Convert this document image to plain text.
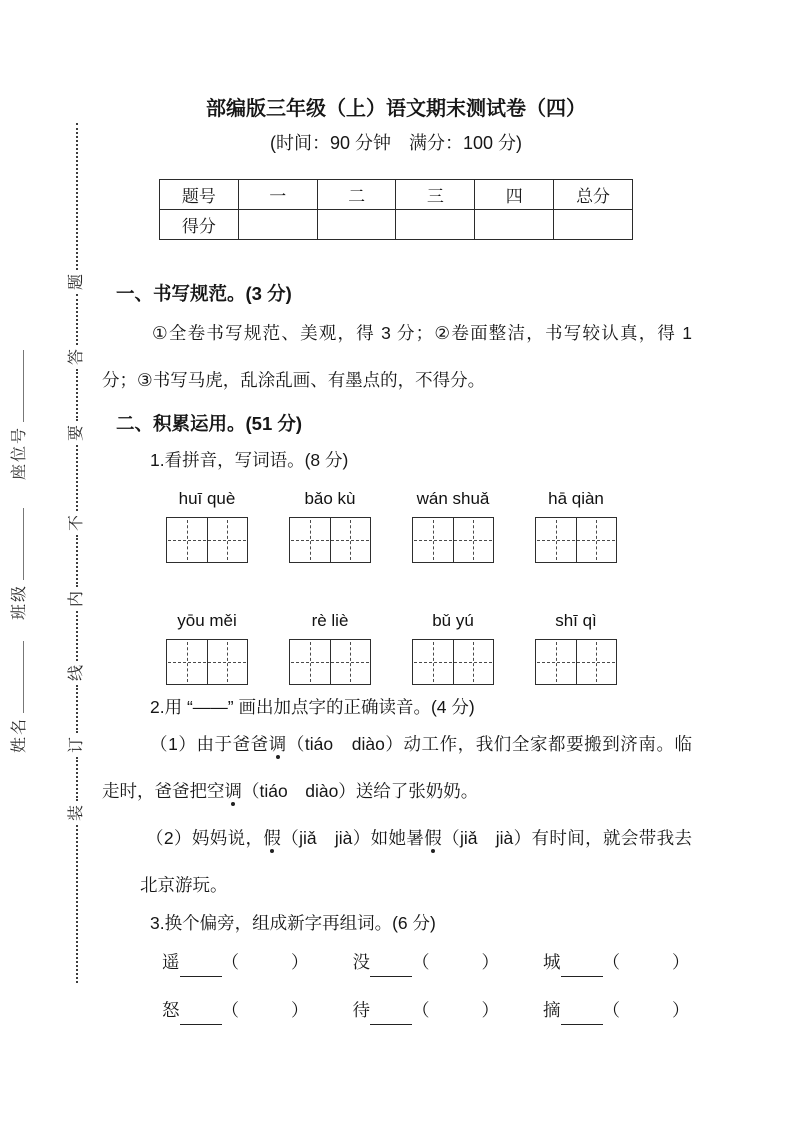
题
答
要
不
内
线
订
装
座位号
班级
姓名
部编版三年级（上）语文期末测试卷（四）
(时间：90 分钟　满分：100 分)
题号	一	二	三	四	总分
得分					
一、书写规范。(3 分)

①全卷书写规范、美观，得 3 分；②卷面整洁，书写较认真，得 1 分；③书写马虎，乱涂乱画、有墨点的，不得分。

二、积累运用。(51 分)
1.看拼音，写词语。(8 分)
huī què	bǎo kù	wán shuǎ	hā qiàn
yōu měi	rè liè	bǔ yú	shī qì
2.用 “——” 画出加点字的正确读音。(4 分)

（1）由于爸爸调（tiáo　diào）动工作，我们全家都要搬到济南。临走时，爸爸把空调（tiáo　diào）送给了张奶奶。

（2）妈妈说，假（jiǎ　jià）如她暑假（jiǎ　jià）有时间，就会带我去北京游玩。

3.换个偏旁，组成新字再组词。(6 分)
遥 （	）	没 （	）	城 （	）
怒 （	）	待 （	）	摘 （	）
